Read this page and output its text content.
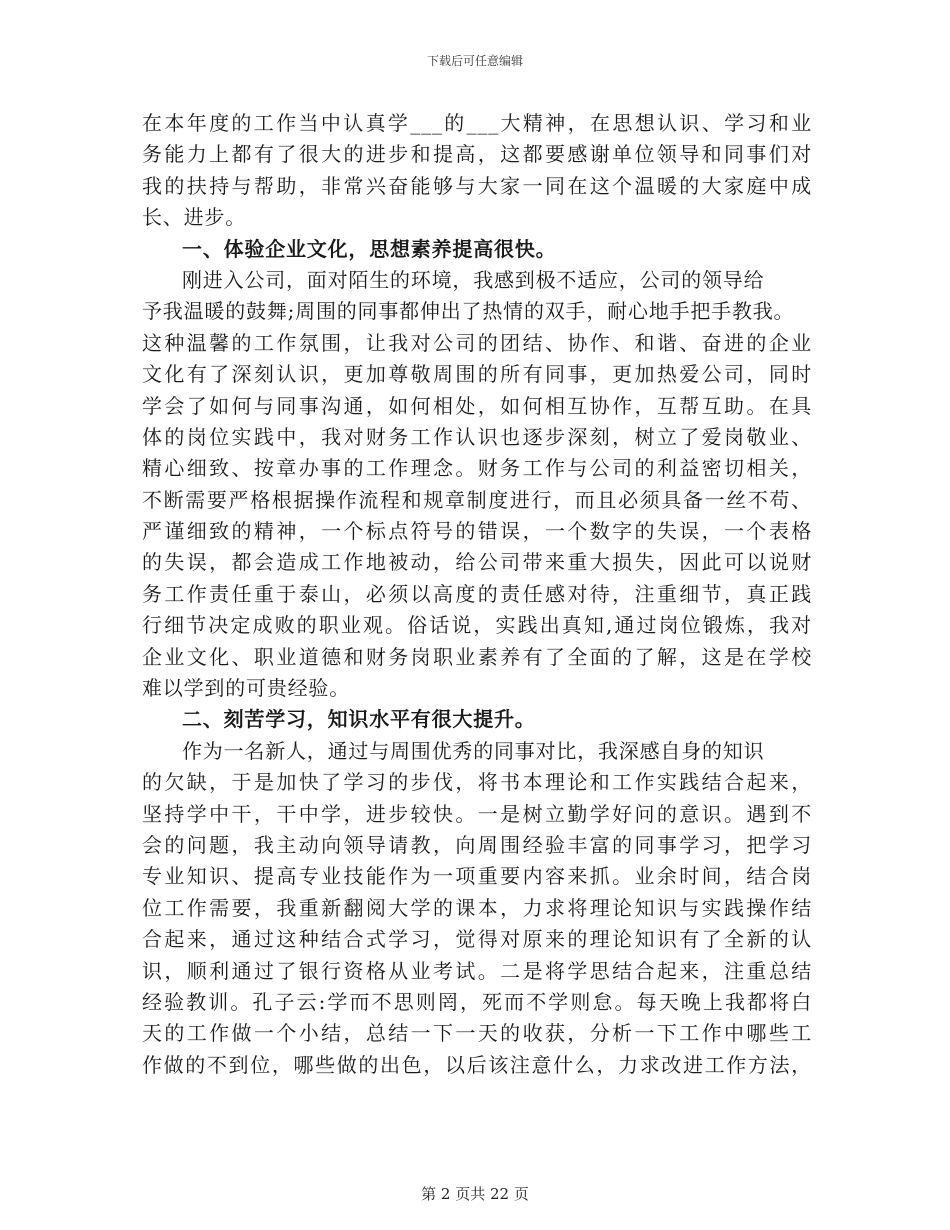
下载后可任意编辑
在本年度的工作当中认真学___的___大精神，在思想认识、学习和业
务能力上都有了很大的进步和提高，这都要感谢单位领导和同事们对
我的扶持与帮助，非常兴奋能够与大家一同在这个温暖的大家庭中成
长、进步。
一、体验企业文化，思想素养提高很快。
刚进入公司，面对陌生的环境，我感到极不适应，公司的领导给
予我温暖的鼓舞;周围的同事都伸出了热情的双手，耐心地手把手教我。
这种温馨的工作氛围，让我对公司的团结、协作、和谐、奋进的企业
文化有了深刻认识，更加尊敬周围的所有同事，更加热爱公司，同时
学会了如何与同事沟通，如何相处，如何相互协作，互帮互助。在具
体的岗位实践中，我对财务工作认识也逐步深刻，树立了爱岗敬业、
精心细致、按章办事的工作理念。财务工作与公司的利益密切相关，
不断需要严格根据操作流程和规章制度进行，而且必须具备一丝不苟、
严谨细致的精神，一个标点符号的错误，一个数字的失误，一个表格
的失误，都会造成工作地被动，给公司带来重大损失，因此可以说财
务工作责任重于泰山，必须以高度的责任感对待，注重细节，真正践
行细节决定成败的职业观。俗话说，实践出真知,通过岗位锻炼，我对
企业文化、职业道德和财务岗职业素养有了全面的了解，这是在学校
难以学到的可贵经验。
二、刻苦学习，知识水平有很大提升。
作为一名新人，通过与周围优秀的同事对比，我深感自身的知识
的欠缺，于是加快了学习的步伐，将书本理论和工作实践结合起来，
坚持学中干，干中学，进步较快。一是树立勤学好问的意识。遇到不
会的问题，我主动向领导请教，向周围经验丰富的同事学习，把学习
专业知识、提高专业技能作为一项重要内容来抓。业余时间，结合岗
位工作需要，我重新翻阅大学的课本，力求将理论知识与实践操作结
合起来，通过这种结合式学习，觉得对原来的理论知识有了全新的认
识，顺利通过了银行资格从业考试。二是将学思结合起来，注重总结
经验教训。孔子云:学而不思则罔，死而不学则怠。每天晚上我都将白
天的工作做一个小结，总结一下一天的收获，分析一下工作中哪些工
作做的不到位，哪些做的出色，以后该注意什么，力求改进工作方法，
第 2 页共 22 页
